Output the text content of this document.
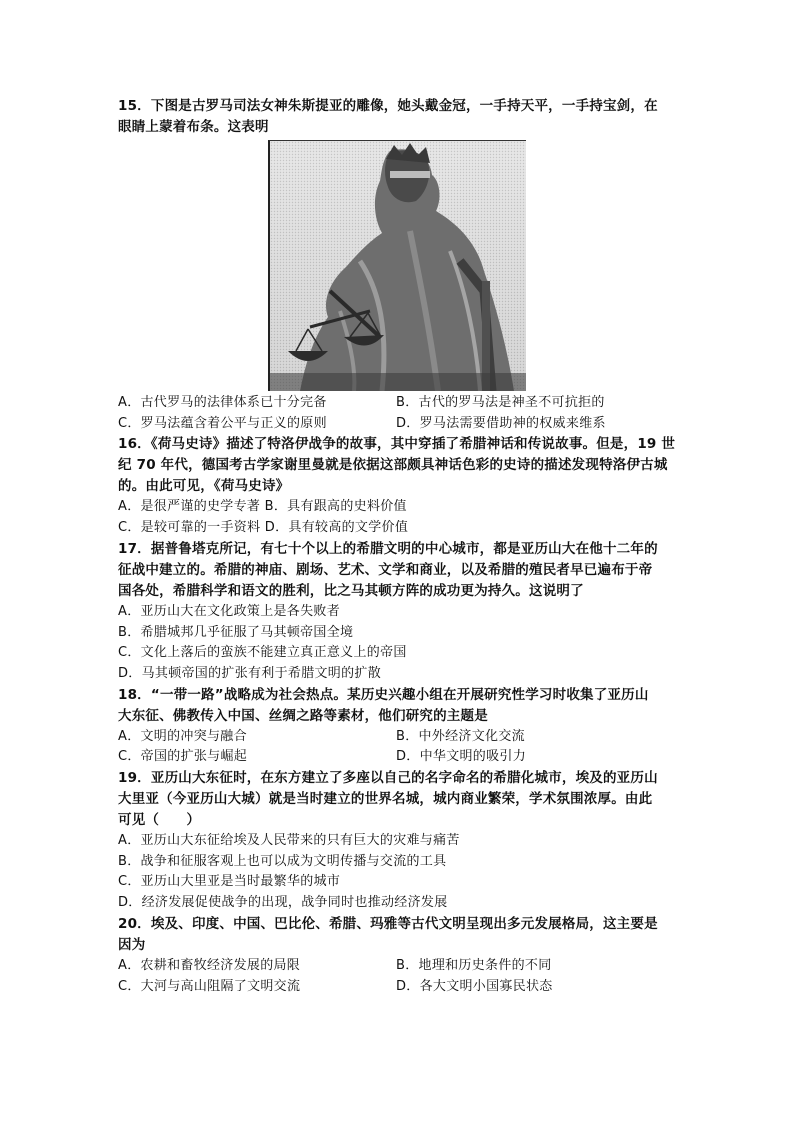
15．下图是古罗马司法女神朱斯提亚的雕像，她头戴金冠，一手持天平，一手持宝剑，在

眼睛上蒙着布条。这表明

A．古代罗马的法律体系已十分完备	B．古代的罗马法是神圣不可抗拒的

C．罗马法蕴含着公平与正义的原则	D．罗马法需要借助神的权威来维系

16．《荷马史诗》描述了特洛伊战争的故事，其中穿插了希腊神话和传说故事。但是，19 世

纪 70 年代，德国考古学家谢里曼就是依据这部颇具神话色彩的史诗的描述发现特洛伊古城

的。由此可见，《荷马史诗》

A．是很严谨的史学专著 B．具有跟高的史料价值

C．是较可靠的一手资料 D．具有较高的文学价值

17．据普鲁塔克所记，有七十个以上的希腊文明的中心城市，都是亚历山大在他十二年的

征战中建立的。希腊的神庙、剧场、艺术、文学和商业，以及希腊的殖民者早已遍布于帝

国各处，希腊科学和语文的胜利，比之马其顿方阵的成功更为持久。这说明了

A．亚历山大在文化政策上是各失败者

B．希腊城邦几乎征服了马其顿帝国全境

C．文化上落后的蛮族不能建立真正意义上的帝国

D．马其顿帝国的扩张有利于希腊文明的扩散

18．“一带一路”战略成为社会热点。某历史兴趣小组在开展研究性学习时收集了亚历山

大东征、佛教传入中国、丝绸之路等素材，他们研究的主题是

A．文明的冲突与融合	B．中外经济文化交流

C．帝国的扩张与崛起	D．中华文明的吸引力

19．亚历山大东征时，在东方建立了多座以自己的名字命名的希腊化城市，埃及的亚历山

大里亚（今亚历山大城）就是当时建立的世界名城，城内商业繁荣，学术氛围浓厚。由此

可见（　　）

A．亚历山大东征给埃及人民带来的只有巨大的灾难与痛苦

B．战争和征服客观上也可以成为文明传播与交流的工具

C．亚历山大里亚是当时最繁华的城市

D．经济发展促使战争的出现，战争同时也推动经济发展

20．埃及、印度、中国、巴比伦、希腊、玛雅等古代文明呈现出多元发展格局，这主要是

因为

A．农耕和畜牧经济发展的局限	B．地理和历史条件的不同

C．大河与高山阻隔了文明交流	D．各大文明小国寡民状态
